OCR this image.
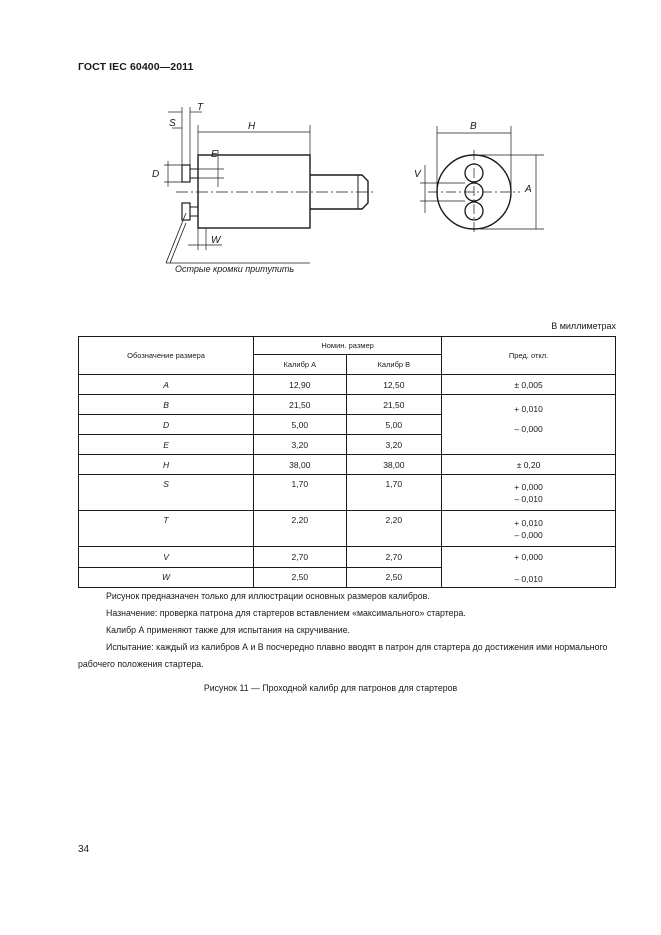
ГОСТ IEC 60400—2011
T
S	H
D
E
W
B
V
A
Острые кромки притупить
В миллиметрах
Обозначение размера	Номин. размер		Пред. откл.
	Калибр А	Калибр В	
A	12,90	12,50	± 0,005
B	21,50	21,50	+ 0,010
– 0,000

D	5,00	5,00	
E	3,20	3,20	
H	38,00	38,00	± 0,20
S	1,70	1,70	+ 0,000
– 0,010

T	2,20	2,20	+ 0,010
– 0,000

V	2,70	2,70	+ 0,000
– 0,010

W	2,50	2,50	

Рисунок предназначен только для иллюстрации основных размеров калибров.

Назначение: проверка патрона для стартеров вставлением «максимального» стартера.

Калибр А применяют также для испытания на скручивание.

Испытание: каждый из калибров А и В посчередно плавно вводят в патрон для стартера до достижения ими нормального рабочего положения стартера.

Рисунок 11 — Проходной калибр для патронов для стартеров
34
